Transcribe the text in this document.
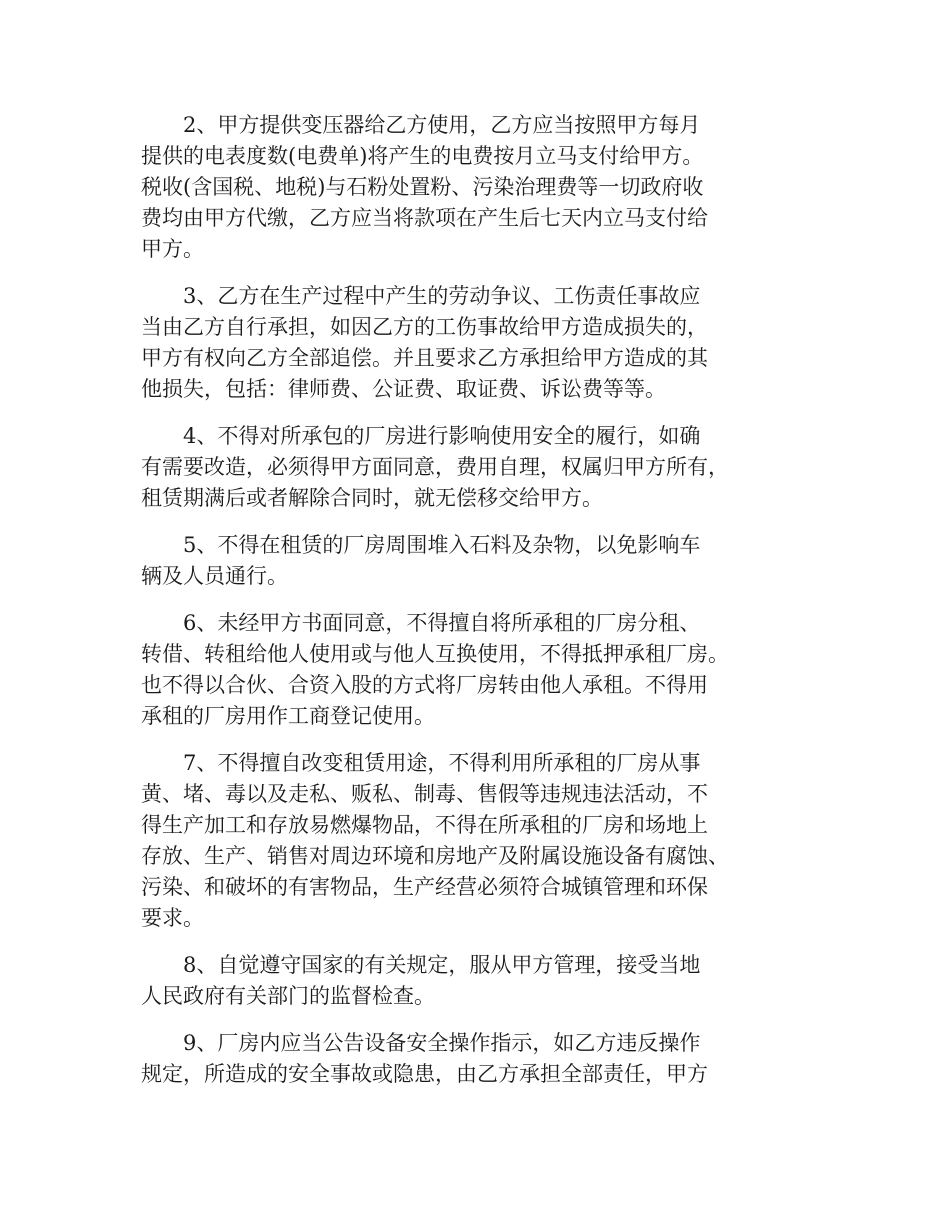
2、甲方提供变压器给乙方使用，乙方应当按照甲方每月
提供的电表度数(电费单)将产生的电费按月立马支付给甲方。
税收(含国税、地税)与石粉处置粉、污染治理费等一切政府收
费均由甲方代缴，乙方应当将款项在产生后七天内立马支付给
甲方。
3、乙方在生产过程中产生的劳动争议、工伤责任事故应
当由乙方自行承担，如因乙方的工伤事故给甲方造成损失的，
甲方有权向乙方全部追偿。并且要求乙方承担给甲方造成的其
他损失，包括：律师费、公证费、取证费、诉讼费等等。
4、不得对所承包的厂房进行影响使用安全的履行，如确
有需要改造，必须得甲方面同意，费用自理，权属归甲方所有，
租赁期满后或者解除合同时，就无偿移交给甲方。
5、不得在租赁的厂房周围堆入石料及杂物，以免影响车
辆及人员通行。
6、未经甲方书面同意，不得擅自将所承租的厂房分租、
转借、转租给他人使用或与他人互换使用，不得抵押承租厂房。
也不得以合伙、合资入股的方式将厂房转由他人承租。不得用
承租的厂房用作工商登记使用。
7、不得擅自改变租赁用途，不得利用所承租的厂房从事
黄、堵、毒以及走私、贩私、制毒、售假等违规违法活动，不
得生产加工和存放易燃爆物品，不得在所承租的厂房和场地上
存放、生产、销售对周边环境和房地产及附属设施设备有腐蚀、
污染、和破坏的有害物品，生产经营必须符合城镇管理和环保
要求。
8、自觉遵守国家的有关规定，服从甲方管理，接受当地
人民政府有关部门的监督检查。
9、厂房内应当公告设备安全操作指示，如乙方违反操作
规定，所造成的安全事故或隐患，由乙方承担全部责任，甲方
